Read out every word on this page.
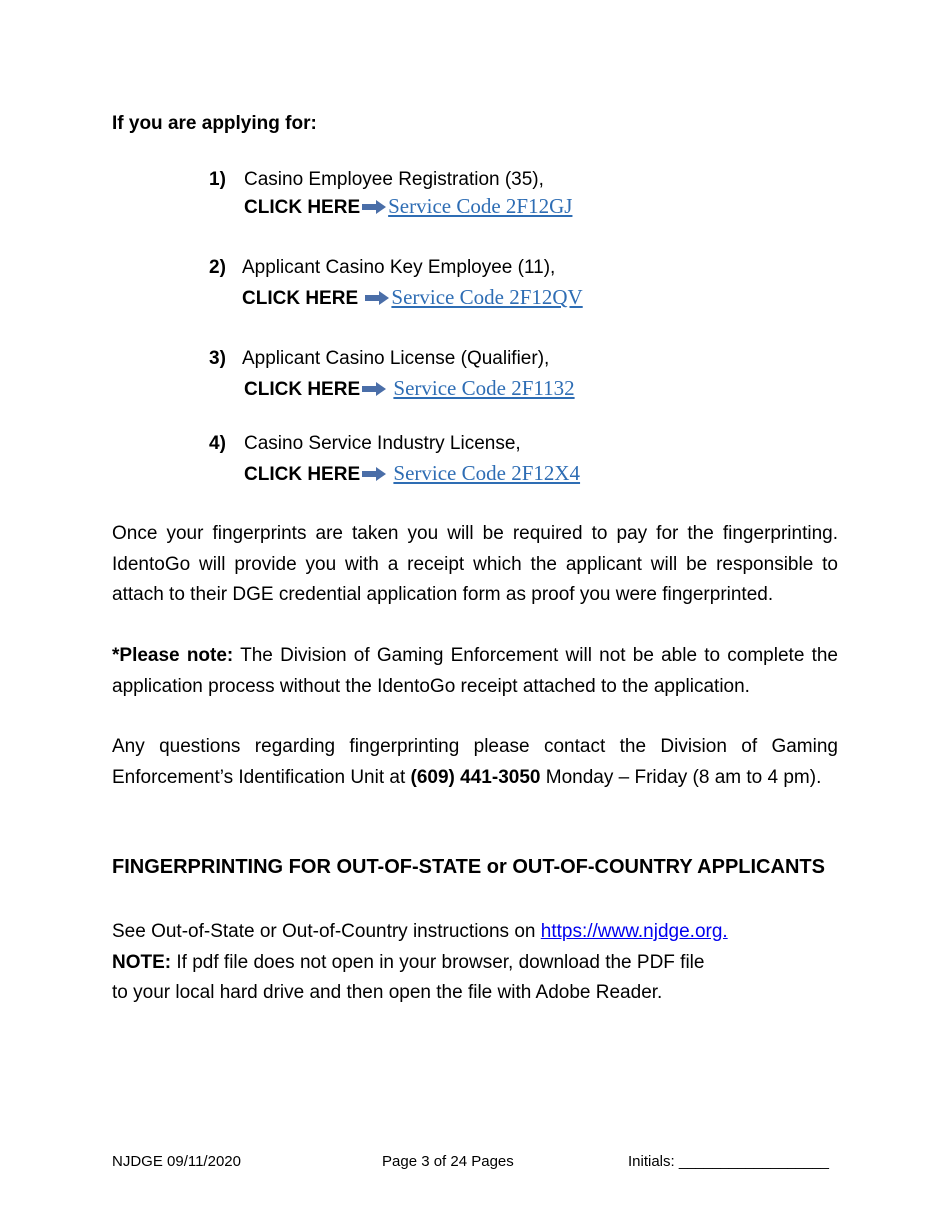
If you are applying for:
1) Casino Employee Registration (35),
CLICK HERE Service Code 2F12GJ
2) Applicant Casino Key Employee (11),
CLICK HERE Service Code 2F12QV
3) Applicant Casino License (Qualifier),
CLICK HERE Service Code 2F1132
4) Casino Service Industry License,
CLICK HERE Service Code 2F12X4

Once your fingerprints are taken you will be required to pay for the fingerprinting. IdentoGo will provide you with a receipt which the applicant will be responsible to attach to their DGE credential application form as proof you were fingerprinted.

*Please note: The Division of Gaming Enforcement will not be able to complete the application process without the IdentoGo receipt attached to the application.

Any questions regarding fingerprinting please contact the Division of Gaming Enforcement’s Identification Unit at (609) 441-3050 Monday – Friday (8 am to 4 pm).

FINGERPRINTING FOR OUT-OF-STATE or OUT-OF-COUNTRY APPLICANTS
See Out-of-State or Out-of-Country instructions on https://www.njdge.org.
NOTE: If pdf file does not open in your browser, download the PDF file
to your local hard drive and then open the file with Adobe Reader.
NJDGE 09/11/2020	Page 3 of 24 Pages	Initials: __________________
